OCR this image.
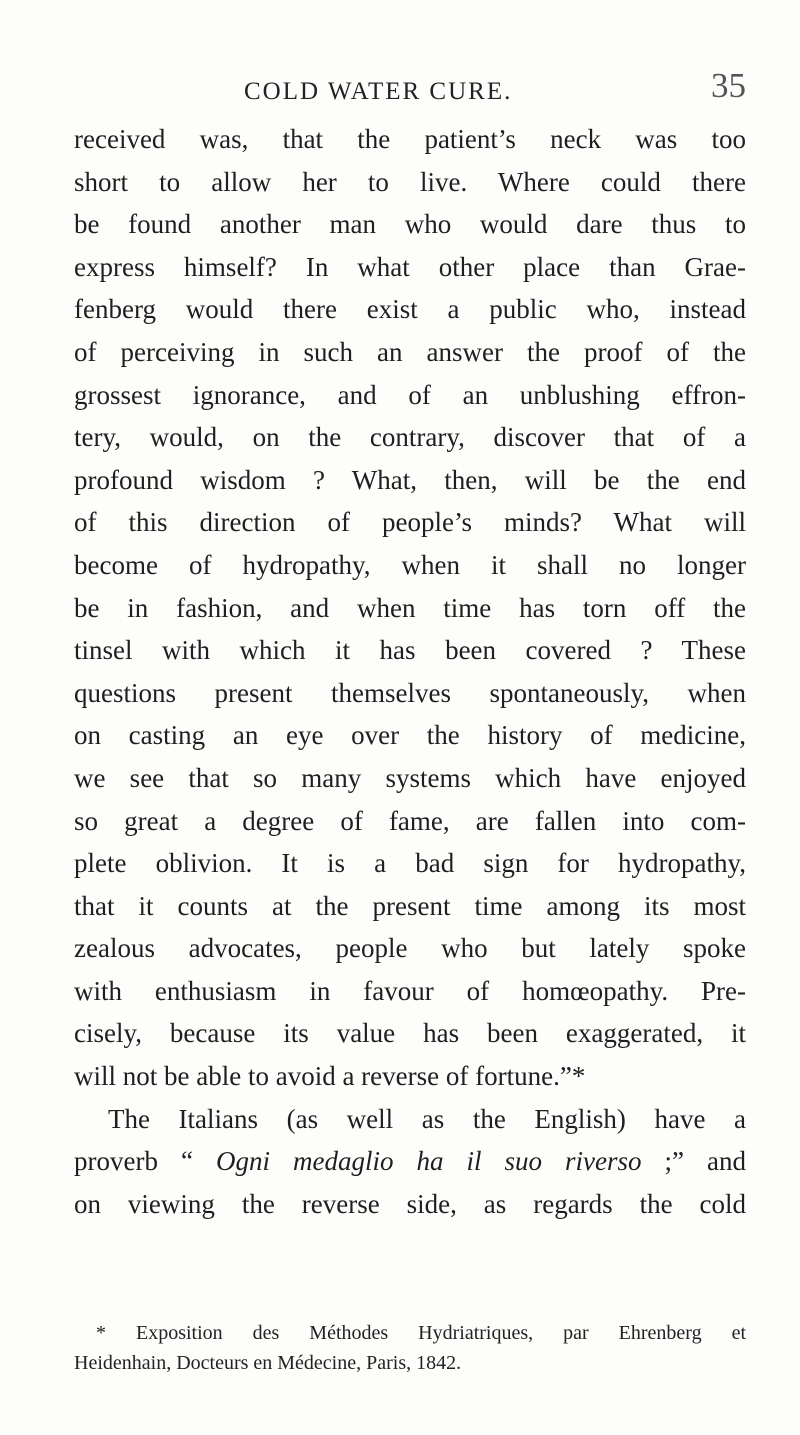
COLD WATER CURE.	35
received was, that the patient’s neck was too
short to allow her to live. Where could there
be found another man who would dare thus to
express himself? In what other place than Grae-
fenberg would there exist a public who, instead
of perceiving in such an answer the proof of the
grossest ignorance, and of an unblushing effron-
tery, would, on the contrary, discover that of a
profound wisdom ? What, then, will be the end
of this direction of people’s minds? What will
become of hydropathy, when it shall no longer
be in fashion, and when time has torn off the
tinsel with which it has been covered ? These
questions present themselves spontaneously, when
on casting an eye over the history of medicine,
we see that so many systems which have enjoyed
so great a degree of fame, are fallen into com-
plete oblivion. It is a bad sign for hydropathy,
that it counts at the present time among its most
zealous advocates, people who but lately spoke
with enthusiasm in favour of homœopathy. Pre-
cisely, because its value has been exaggerated, it
will not be able to avoid a reverse of fortune.”*
The Italians (as well as the English) have a
proverb “ Ogni medaglio ha il suo riverso ;” and
on viewing the reverse side, as regards the cold
* Exposition des Méthodes Hydriatriques, par Ehrenberg et
Heidenhain, Docteurs en Médecine, Paris, 1842.
